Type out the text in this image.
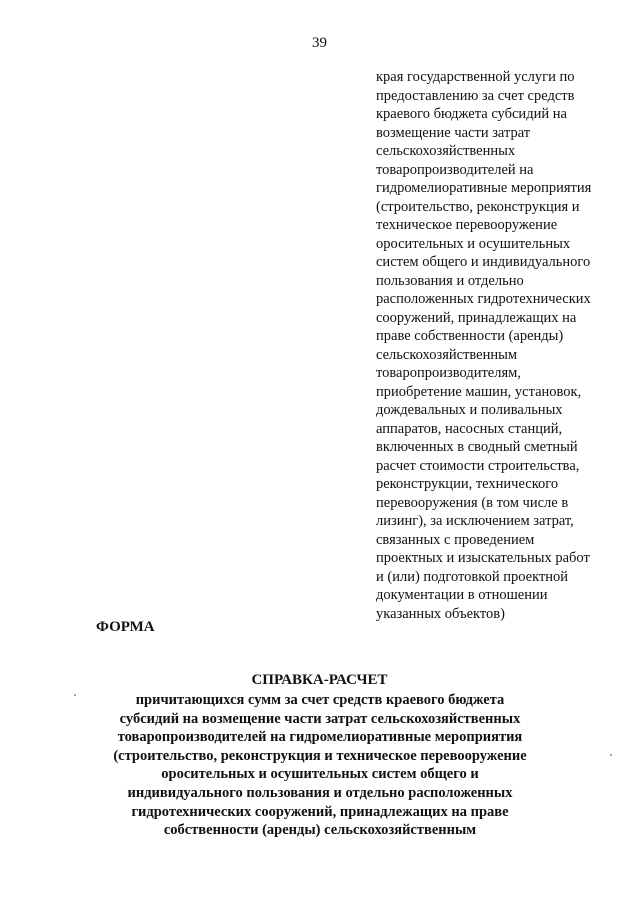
39
края государственной услуги по
предоставлению за счет средств
краевого бюджета субсидий на
возмещение части затрат
сельскохозяйственных
товаропроизводителей на
гидромелиоративные мероприятия
(строительство, реконструкция и
техническое перевооружение
оросительных и осушительных
систем общего и индивидуального
пользования и отдельно
расположенных гидротехнических
сооружений, принадлежащих на
праве собственности (аренды)
сельскохозяйственным
товаропроизводителям,
приобретение машин, установок,
дождевальных и поливальных
аппаратов, насосных станций,
включенных в сводный сметный
расчет стоимости строительства,
реконструкции, технического
перевооружения (в том числе в
лизинг), за исключением затрат,
связанных с проведением
проектных и изыскательных работ
и (или) подготовкой проектной
документации в отношении
указанных объектов)
ФОРМА
СПРАВКА-РАСЧЕТ
причитающихся сумм за счет средств краевого бюджета
субсидий на возмещение части затрат сельскохозяйственных
товаропроизводителей на гидромелиоративные мероприятия
(строительство, реконструкция и техническое перевооружение
оросительных и осушительных систем общего и
индивидуального пользования и отдельно расположенных
гидротехнических сооружений, принадлежащих на праве
собственности (аренды) сельскохозяйственным
